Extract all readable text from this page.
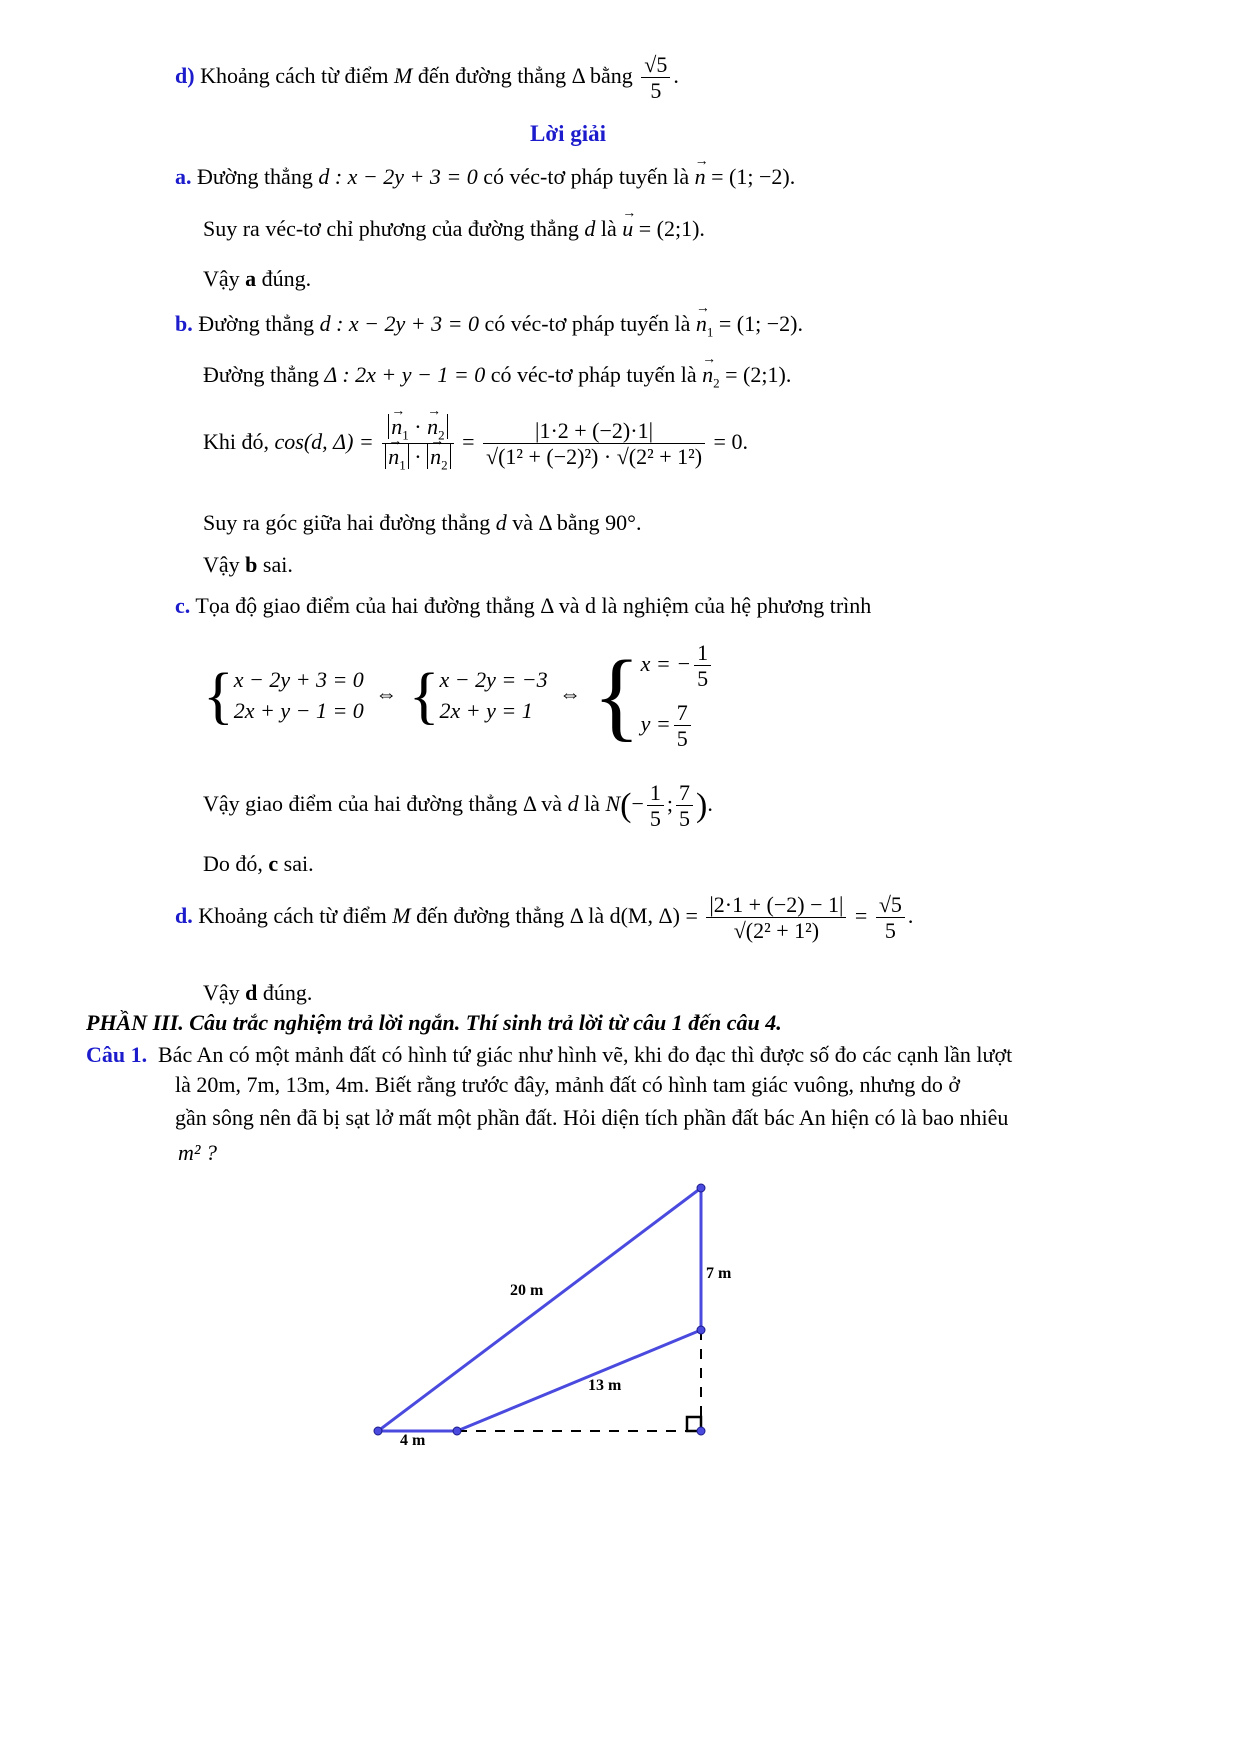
d) Khoảng cách từ điểm M đến đường thẳng Δ bằng $\frac{√5}{5}$ .
Lời giải
a. Đường thẳng d : x − 2y + 3 = 0 có véc-tơ pháp tuyến là → n = (1; −2).
Suy ra véc-tơ chỉ phương của đường thẳng d là → u = (2;1).
Vậy a đúng.
b. Đường thẳng d : x − 2y + 3 = 0 có véc-tơ pháp tuyến là → $n_1 = (1$; −2).
Đường thẳng Δ : 2x + y − 1 = 0 có véc-tơ pháp tuyến là → $n_2$ = (2;1).
Khi đó, cos(d, Δ) = → $n_1$ · → $n_2$
→ $n_1$ · → $n_2 = \frac{|1\cdot 2 + (-2)\cdot 1|}{\text{√(1² + (−2)²) · √(2² + 1²)}} = 0$.
Suy ra góc giữa hai đường thẳng d và Δ bằng 90°.
Vậy b sai.
c. Tọa độ giao điểm của hai đường thẳng Δ và d là nghiệm của hệ phương trình
{x − 2y + 3 = 0
2x + y − 1 = 0 ⇔ {x − 2y = −3
2x + y = 1 ⇔ { x = − $\frac{1}{5}$
$y = \frac{7}{5}$
Vậy giao điểm của hai đường thẳng Δ và d là $N(- \frac{1}{5}$ ; $\frac{7}{5}$ ).
Do đó, c sai.
d. Khoảng cách từ điểm M đến đường thẳng Δ là d(M, $\Delta) = \frac{|2\cdot 1 + (-2) - 1|}{\text{√(2² + 1²)}} = \frac{√5}{5}$ .
Vậy d đúng.
PHẦN III. Câu trắc nghiệm trả lời ngắn. Thí sinh trả lời từ câu 1 đến câu 4.
Câu 1. Bác An có một mảnh đất có hình tứ giác như hình vẽ, khi đo đạc thì được số đo các cạnh lần lượt
là 20m, 7m, 13m, 4m. Biết rằng trước đây, mảnh đất có hình tam giác vuông, nhưng do ở
gần sông nên đã bị sạt lở mất một phần đất. Hỏi diện tích phần đất bác An hiện có là bao nhiêu
m² ?
20 m
7 m
13 m
4 m
